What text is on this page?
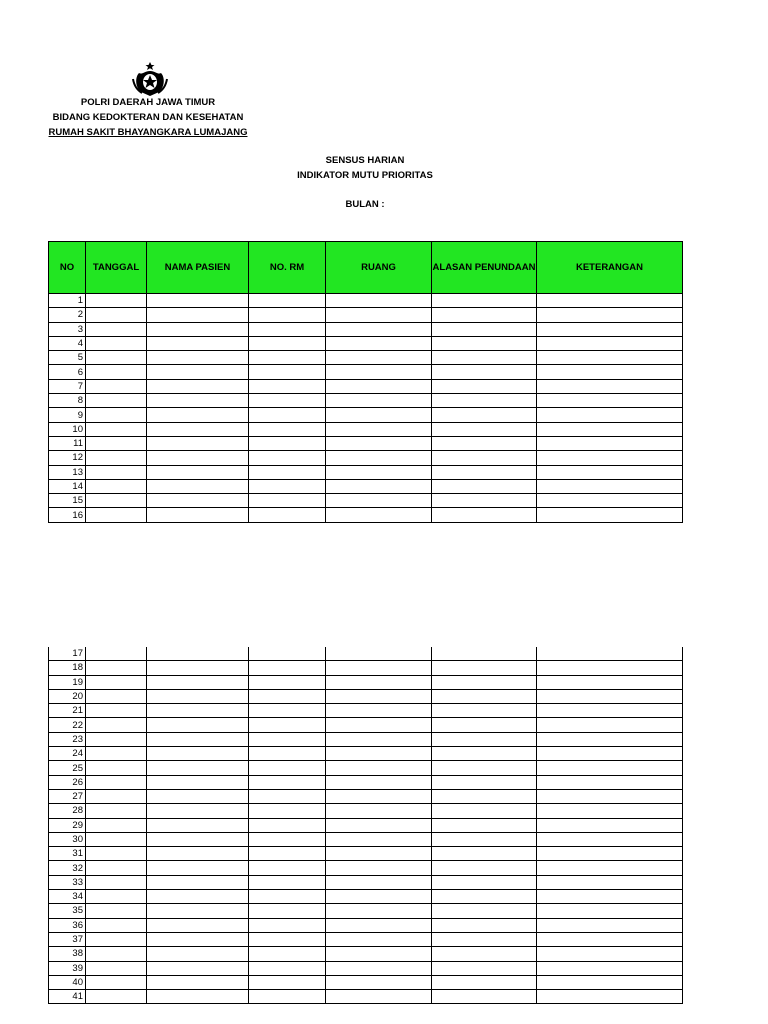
POLRI DAERAH JAWA TIMUR
BIDANG KEDOKTERAN DAN KESEHATAN
RUMAH SAKIT BHAYANGKARA LUMAJANG
SENSUS HARIAN
INDIKATOR MUTU PRIORITAS
BULAN :
NO	TANGGAL	NAMA PASIEN	NO. RM	RUANG	ALASAN PENUNDAAN	KETERANGAN
1						
2						
3						
4						
5						
6						
7						
8						
9						
10						
11						
12						
13						
14						
15						
16						
17						
18						
19						
20						
21						
22						
23						
24						
25						
26						
27						
28						
29						
30						
31						
32						
33						
34						
35						
36						
37						
38						
39						
40						
41						
